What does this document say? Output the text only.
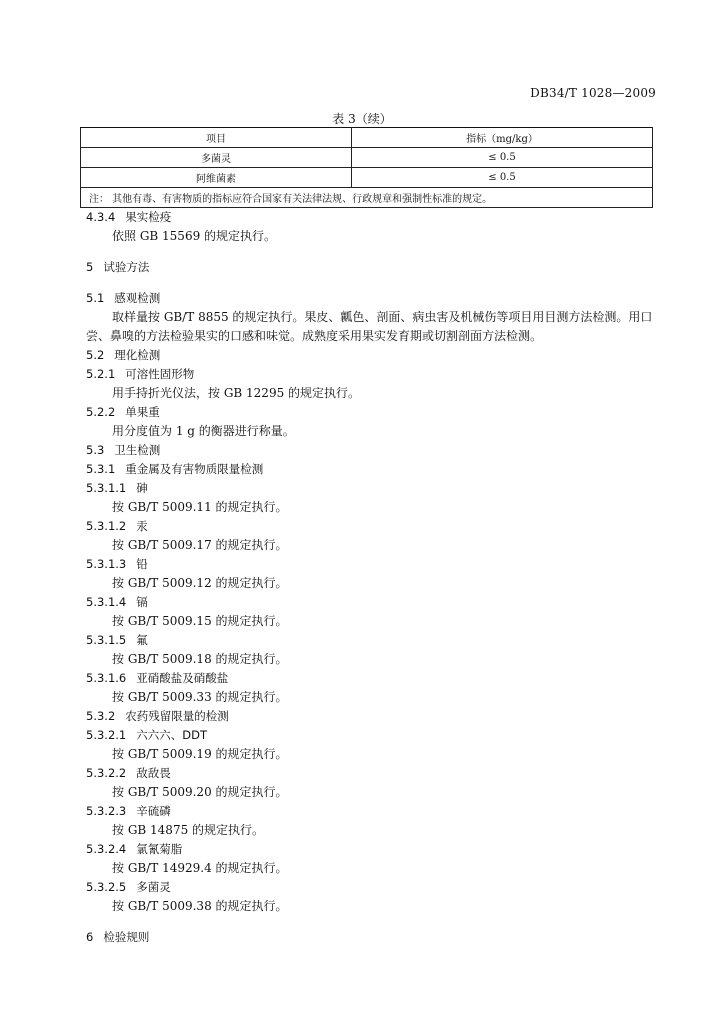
DB34/T 1028—2009
表 3（续）
项目	指标（mg/kg）
多菌灵	≤ 0.5
阿维菌素	≤ 0.5
注： 其他有毒、有害物质的指标应符合国家有关法律法规、行政规章和强制性标准的规定。	
4.3.4 果实检疫
依照 GB 15569 的规定执行。
5 试验方法
5.1 感观检测
取样量按 GB/T 8855 的规定执行。果皮、瓤色、剖面、病虫害及机械伤等项目用目测方法检测。用口尝、鼻嗅的方法检验果实的口感和味觉。成熟度采用果实发育期或切割剖面方法检测。
5.2 理化检测
5.2.1 可溶性固形物
用手持折光仪法，按 GB 12295 的规定执行。
5.2.2 单果重
用分度值为 1 g 的衡器进行称量。
5.3 卫生检测
5.3.1 重金属及有害物质限量检测
5.3.1.1 砷
按 GB/T 5009.11 的规定执行。
5.3.1.2 汞
按 GB/T 5009.17 的规定执行。
5.3.1.3 铅
按 GB/T 5009.12 的规定执行。
5.3.1.4 镉
按 GB/T 5009.15 的规定执行。
5.3.1.5 氟
按 GB/T 5009.18 的规定执行。
5.3.1.6 亚硝酸盐及硝酸盐
按 GB/T 5009.33 的规定执行。
5.3.2 农药残留限量的检测
5.3.2.1 六六六、DDT
按 GB/T 5009.19 的规定执行。
5.3.2.2 敌敌畏
按 GB/T 5009.20 的规定执行。
5.3.2.3 辛硫磷
按 GB 14875 的规定执行。
5.3.2.4 氯氰菊脂
按 GB/T 14929.4 的规定执行。
5.3.2.5 多菌灵
按 GB/T 5009.38 的规定执行。
6 检验规则
